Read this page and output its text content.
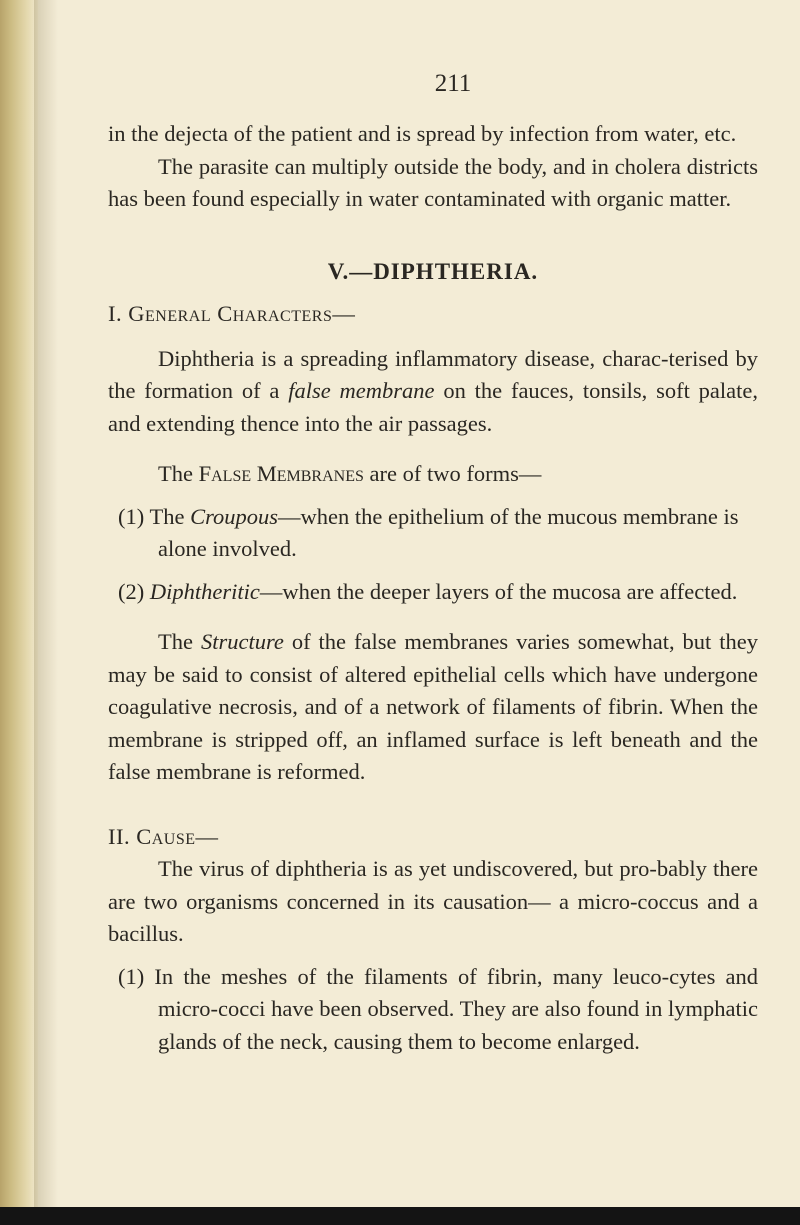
211

in the dejecta of the patient and is spread by infection from water, etc.

The parasite can multiply outside the body, and in cholera districts has been found especially in water contaminated with organic matter.

V.—DIPHTHERIA.
I. General Characters—

Diphtheria is a spreading inflammatory disease, charac-terised by the formation of a false membrane on the fauces, tonsils, soft palate, and extending thence into the air passages.

The False Membranes are of two forms—

(1) The Croupous—when the epithelium of the mucous membrane is alone involved.

(2) Diphtheritic—when the deeper layers of the mucosa are affected.

The Structure of the false membranes varies somewhat, but they may be said to consist of altered epithelial cells which have undergone coagulative necrosis, and of a network of filaments of fibrin. When the membrane is stripped off, an inflamed surface is left beneath and the false membrane is reformed.

II. Cause—

The virus of diphtheria is as yet undiscovered, but pro-bably there are two organisms concerned in its causation— a micro-coccus and a bacillus.

(1) In the meshes of the filaments of fibrin, many leuco-cytes and micro-cocci have been observed. They are also found in lymphatic glands of the neck, causing them to become enlarged.
